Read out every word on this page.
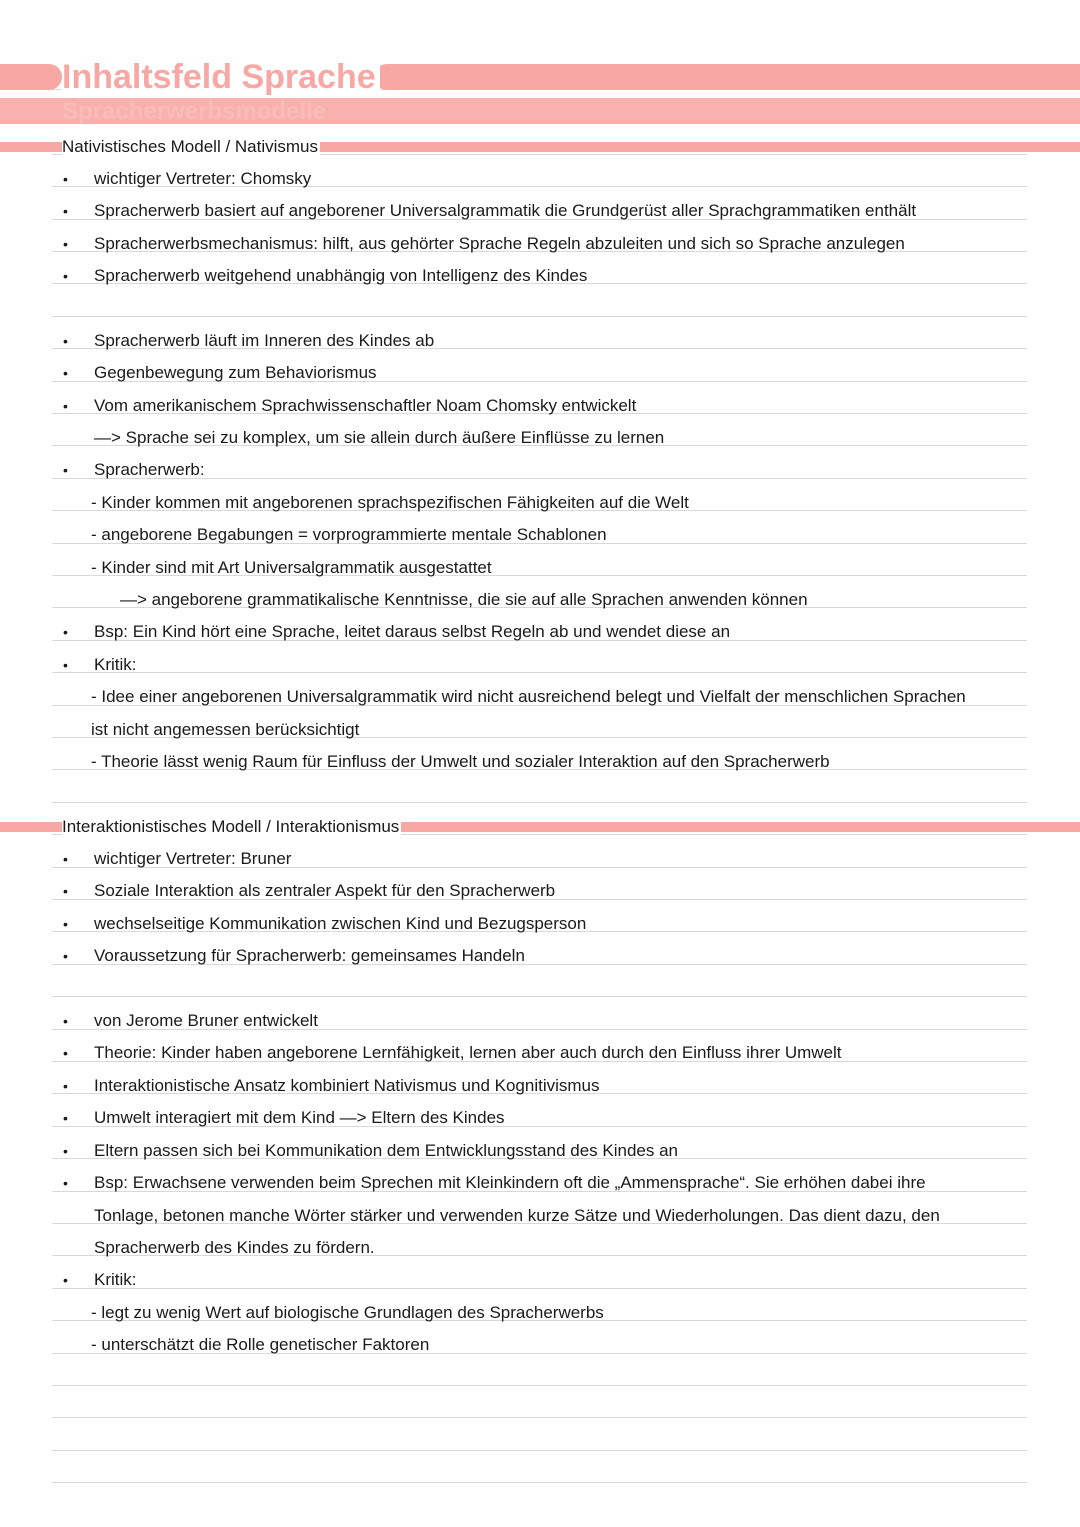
Inhaltsfeld Sprache
Spracherwerbsmodelle
Nativistisches Modell / Nativismus
• wichtiger Vertreter: Chomsky
• Spracherwerb basiert auf angeborener Universalgrammatik die Grundgerüst aller Sprachgrammatiken enthält
• Spracherwerbsmechanismus: hilft, aus gehörter Sprache Regeln abzuleiten und sich so Sprache anzulegen
• Spracherwerb weitgehend unabhängig von Intelligenz des Kindes
• Spracherwerb läuft im Inneren des Kindes ab
• Gegenbewegung zum Behaviorismus
• Vom amerikanischem Sprachwissenschaftler Noam Chomsky entwickelt
—> Sprache sei zu komplex, um sie allein durch äußere Einflüsse zu lernen
• Spracherwerb:
- Kinder kommen mit angeborenen sprachspezifischen Fähigkeiten auf die Welt
- angeborene Begabungen = vorprogrammierte mentale Schablonen
- Kinder sind mit Art Universalgrammatik ausgestattet
—> angeborene grammatikalische Kenntnisse, die sie auf alle Sprachen anwenden können
• Bsp: Ein Kind hört eine Sprache, leitet daraus selbst Regeln ab und wendet diese an
• Kritik:
- Idee einer angeborenen Universalgrammatik wird nicht ausreichend belegt und Vielfalt der menschlichen Sprachen
ist nicht angemessen berücksichtigt
- Theorie lässt wenig Raum für Einfluss der Umwelt und sozialer Interaktion auf den Spracherwerb
Interaktionistisches Modell / Interaktionismus
• wichtiger Vertreter: Bruner
• Soziale Interaktion als zentraler Aspekt für den Spracherwerb
• wechselseitige Kommunikation zwischen Kind und Bezugsperson
• Voraussetzung für Spracherwerb: gemeinsames Handeln
• von Jerome Bruner entwickelt
• Theorie: Kinder haben angeborene Lernfähigkeit, lernen aber auch durch den Einfluss ihrer Umwelt
• Interaktionistische Ansatz kombiniert Nativismus und Kognitivismus
• Umwelt interagiert mit dem Kind —> Eltern des Kindes
• Eltern passen sich bei Kommunikation dem Entwicklungsstand des Kindes an
• Bsp: Erwachsene verwenden beim Sprechen mit Kleinkindern oft die „Ammensprache“. Sie erhöhen dabei ihre
Tonlage, betonen manche Wörter stärker und verwenden kurze Sätze und Wiederholungen. Das dient dazu, den
Spracherwerb des Kindes zu fördern.
• Kritik:
- legt zu wenig Wert auf biologische Grundlagen des Spracherwerbs
- unterschätzt die Rolle genetischer Faktoren
